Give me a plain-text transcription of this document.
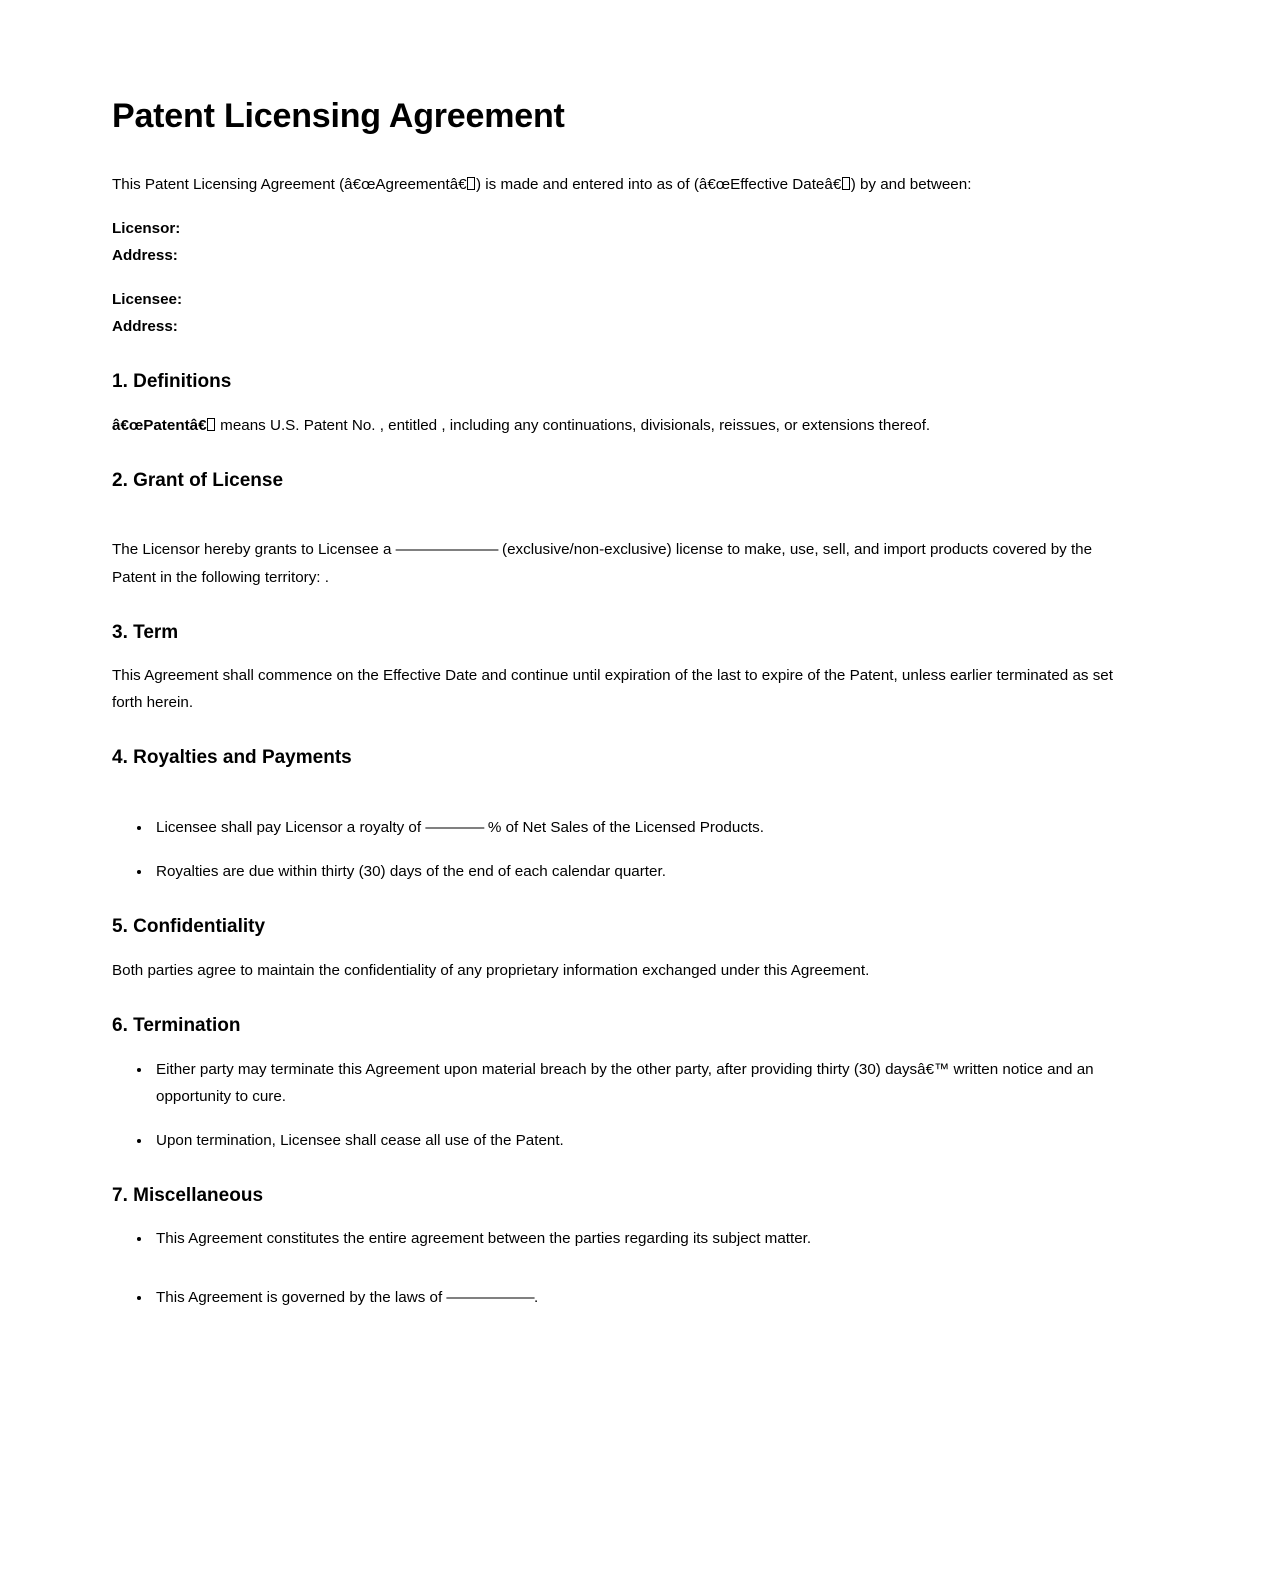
Patent Licensing Agreement

This Patent Licensing Agreement (â€œAgreementâ€ ) is made and entered into as of (â€œEffective Dateâ€ ) by and between:

Licensor:
Address:

Licensee:
Address:

1. Definitions

â€œPatentâ€ means U.S. Patent No. , entitled , including any continuations, divisionals, reissues, or extensions thereof.

2. Grant of License

The Licensor hereby grants to Licensee a ——————— (exclusive/non-exclusive) license to make, use, sell, and import products covered by the Patent in the following territory: .

3. Term

This Agreement shall commence on the Effective Date and continue until expiration of the last to expire of the Patent, unless earlier terminated as set forth herein.

4. Royalties and Payments
• Licensee shall pay Licensor a royalty of ———— % of Net Sales of the Licensed Products.
• Royalties are due within thirty (30) days of the end of each calendar quarter.
5. Confidentiality

Both parties agree to maintain the confidentiality of any proprietary information exchanged under this Agreement.

6. Termination
• Either party may terminate this Agreement upon material breach by the other party, after providing thirty (30) daysâ€™ written notice and an opportunity to cure.
• Upon termination, Licensee shall cease all use of the Patent.
7. Miscellaneous
• This Agreement constitutes the entire agreement between the parties regarding its subject matter.
• This Agreement is governed by the laws of ——————.
